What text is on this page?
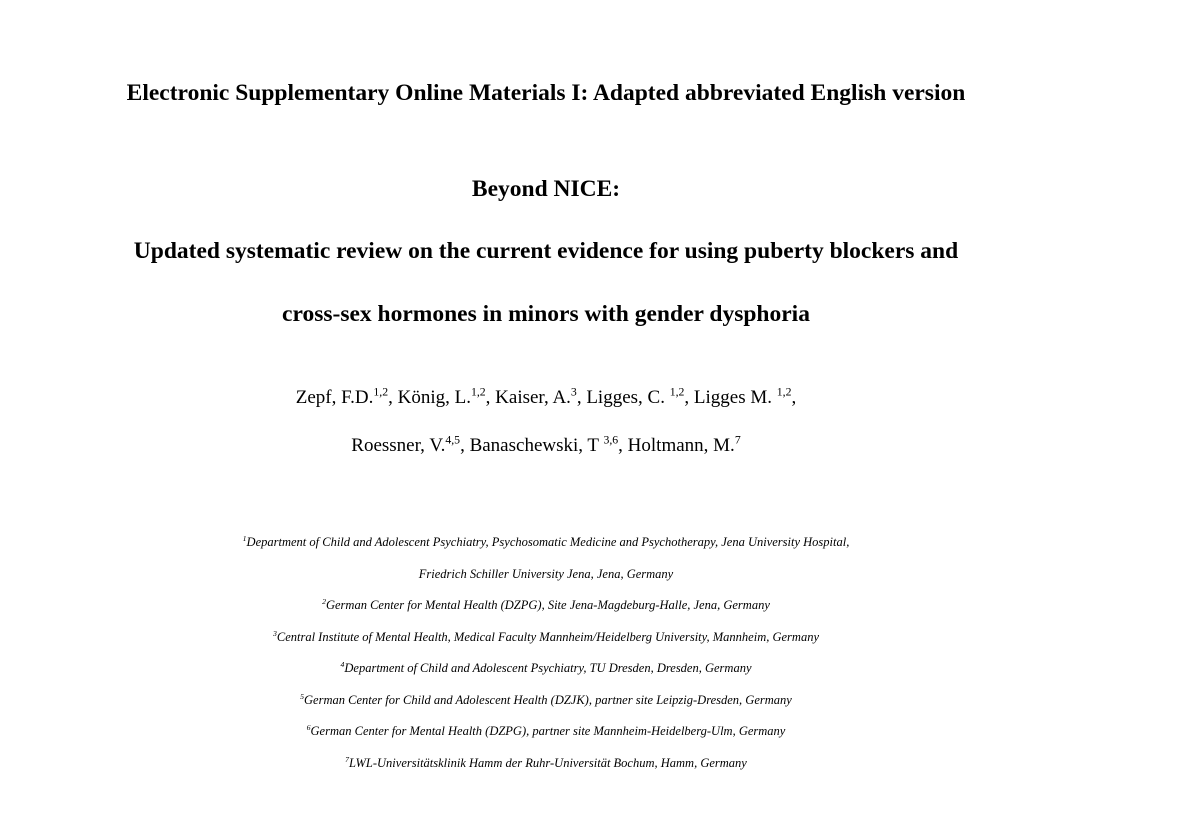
Electronic Supplementary Online Materials I: Adapted abbreviated English version
Beyond NICE:
Updated systematic review on the current evidence for using puberty blockers and
cross-sex hormones in minors with gender dysphoria
Zepf, F.D.$^{1,2}$, König, L.$^{1,2}$, Kaiser, A.$^3$, Ligges, C. $^{1,2}$, Ligges M. $^{1,2}$,
Roessner, V.$^{4,5}$, Banaschewski, T $^{3,6}$, Holtmann, M.$^7$
$^1$Department of Child and Adolescent Psychiatry, Psychosomatic Medicine and Psychotherapy, Jena University Hospital,
Friedrich Schiller University Jena, Jena, Germany
$^2$German Center for Mental Health (DZPG), Site Jena-Magdeburg-Halle, Jena, Germany
$^3$Central Institute of Mental Health, Medical Faculty Mannheim/Heidelberg University, Mannheim, Germany
$^4$Department of Child and Adolescent Psychiatry, TU Dresden, Dresden, Germany
$^5$German Center for Child and Adolescent Health (DZJK), partner site Leipzig-Dresden, Germany
$^6$German Center for Mental Health (DZPG), partner site Mannheim-Heidelberg-Ulm, Germany
$^7$LWL-Universitätsklinik Hamm der Ruhr-Universität Bochum, Hamm, Germany
